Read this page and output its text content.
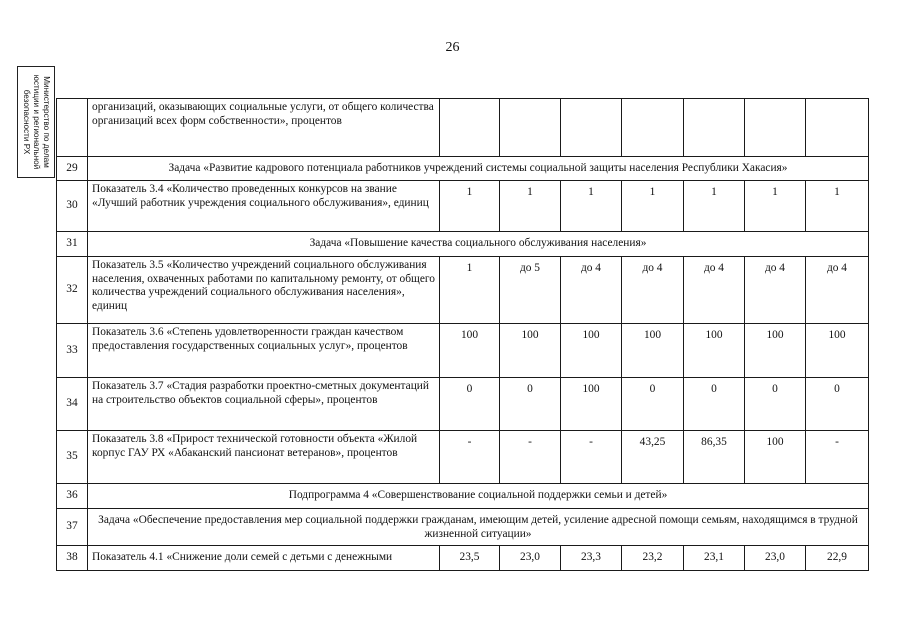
26
Министерство по делам
юстиции и региональной
безопасности РХ
		организаций, оказывающих социальные услуги, от общего количества организаций всех форм собственности», процентов							
29	Задача «Развитие кадрового потенциала работников учреждений системы социальной защиты населения Республики Хакасия»							
30	Показатель 3.4 «Количество проведенных конкурсов на звание «Лучший работник учреждения социального обслуживания», единиц	1	1	1	1	1	1	1
31	Задача «Повышение качества социального обслуживания населения»							
32	Показатель 3.5 «Количество учреждений социального обслуживания населения, охваченных работами по капитальному ремонту, от общего количества учреждений социального обслуживания населения», единиц	1	до 5	до 4	до 4	до 4	до 4	до 4
33	Показатель 3.6 «Степень удовлетворенности граждан качеством предоставления государственных социальных услуг», процентов	100	100	100	100	100	100	100
34	Показатель 3.7 «Стадия разработки проектно-сметных документаций на строительство объектов социальной сферы», процентов	0	0	100	0	0	0	0
35	Показатель 3.8 «Прирост технической готовности объекта «Жилой корпус ГАУ РХ «Абаканский пансионат ветеранов», процентов	-	-	-	43,25	86,35	100	-
36	Подпрограмма 4 «Совершенствование социальной поддержки семьи и детей»							
37	Задача «Обеспечение предоставления мер социальной поддержки гражданам, имеющим детей, усиление адресной помощи семьям, находящимся в трудной жизненной ситуации»							
38	Показатель 4.1 «Снижение доли семей с детьми с денежными	23,5	23,0	23,3	23,2	23,1	23,0	22,9
